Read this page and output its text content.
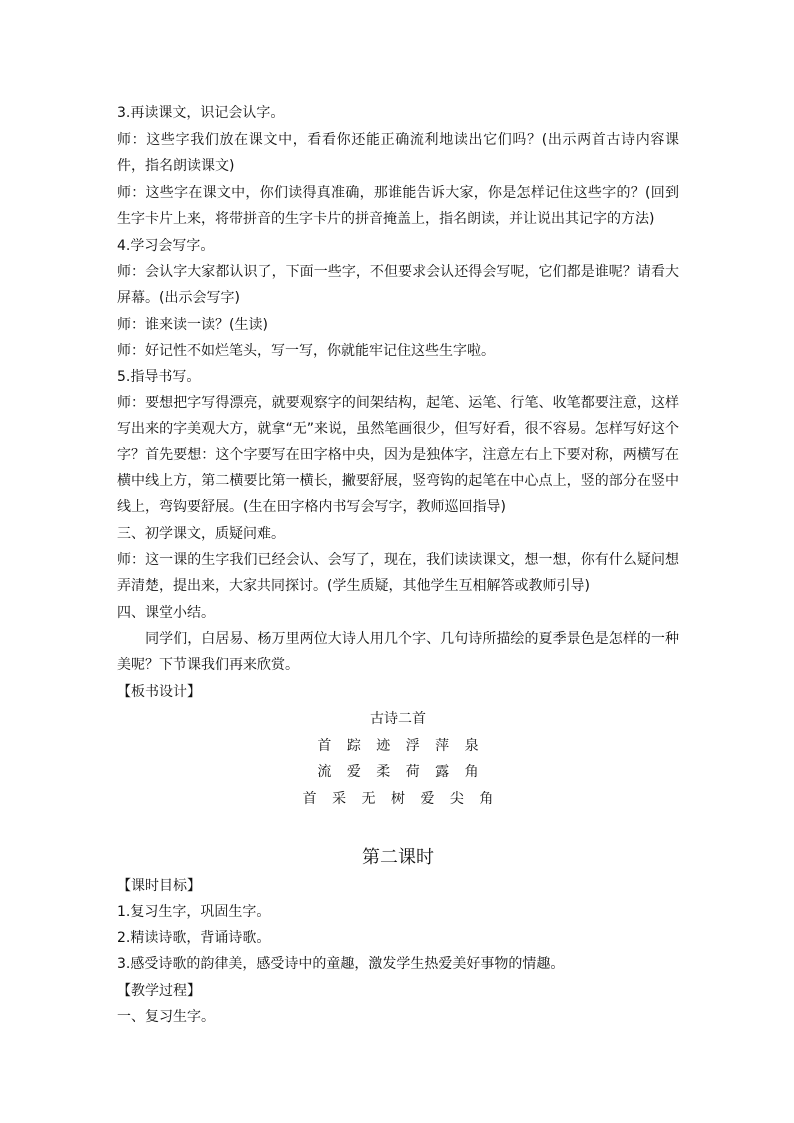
3.再读课文，识记会认字。
师：这些字我们放在课文中，看看你还能正确流利地读出它们吗？(出示两首古诗内容课件，指名朗读课文)
师：这些字在课文中，你们读得真准确，那谁能告诉大家，你是怎样记住这些字的？(回到生字卡片上来，将带拼音的生字卡片的拼音掩盖上，指名朗读，并让说出其记字的方法)
4.学习会写字。
师：会认字大家都认识了，下面一些字，不但要求会认还得会写呢，它们都是谁呢？请看大屏幕。(出示会写字)
师：谁来读一读？(生读)
师：好记性不如烂笔头，写一写，你就能牢记住这些生字啦。
5.指导书写。
师：要想把字写得漂亮，就要观察字的间架结构，起笔、运笔、行笔、收笔都要注意，这样写出来的字美观大方，就拿“无”来说，虽然笔画很少，但写好看，很不容易。怎样写好这个字？首先要想：这个字要写在田字格中央，因为是独体字，注意左右上下要对称，两横写在横中线上方，第二横要比第一横长，撇要舒展，竖弯钩的起笔在中心点上，竖的部分在竖中线上，弯钩要舒展。(生在田字格内书写会写字，教师巡回指导)
三、初学课文，质疑问难。
师：这一课的生字我们已经会认、会写了，现在，我们读读课文，想一想，你有什么疑问想弄清楚，提出来，大家共同探讨。(学生质疑，其他学生互相解答或教师引导)
四、课堂小结。
　　同学们，白居易、杨万里两位大诗人用几个字、几句诗所描绘的夏季景色是怎样的一种美呢？下节课我们再来欣赏。
【板书设计】
古诗二首
首 踪 迹 浮 萍 泉
流 爱 柔 荷 露 角
首 采 无 树 爱 尖 角
第二课时
【课时目标】
1.复习生字，巩固生字。
2.精读诗歌，背诵诗歌。
3.感受诗歌的韵律美，感受诗中的童趣，激发学生热爱美好事物的情趣。
【教学过程】
一、复习生字。
